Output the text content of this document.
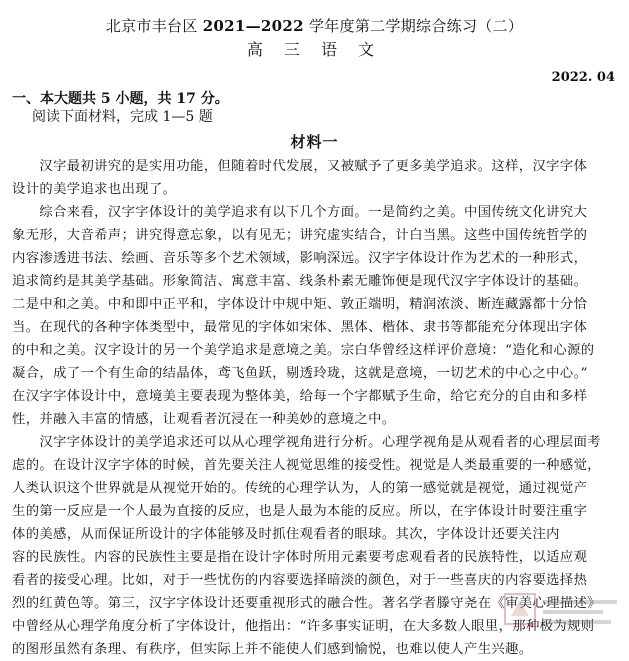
北京市丰台区 2021—2022 学年度第二学期综合练习（二）
高 三 语 文
2022. 04
一、本大题共 5 小题，共 17 分。
阅读下面材料，完成 1—5 题
材料一
　　汉字最初讲究的是实用功能，但随着时代发展，又被赋予了更多美学追求。这样，汉字字体
设计的美学追求也出现了。
　　综合来看，汉字字体设计的美学追求有以下几个方面。一是简约之美。中国传统文化讲究大
象无形，大音希声；讲究得意忘象，以有见无；讲究虚实结合，计白当黑。这些中国传统哲学的
内容渗透进书法、绘画、音乐等多个艺术领域，影响深远。汉字字体设计作为艺术的一种形式，
追求简约是其美学基础。形象简洁、寓意丰富、线条朴素无雕饰便是现代汉字字体设计的基础。
二是中和之美。中和即中正平和，字体设计中规中矩、敦正端明，精润浓淡、断连藏露都十分恰
当。在现代的各种字体类型中，最常见的字体如宋体、黑体、楷体、隶书等都能充分体现出字体
的中和之美。汉字设计的另一个美学追求是意境之美。宗白华曾经这样评价意境：“造化和心源的
凝合，成了一个有生命的结晶体，鸢飞鱼跃，剔透玲珑，这就是意境，一切艺术的中心之中心。”
在汉字字体设计中，意境美主要表现为整体美，给每一个字都赋予生命，给它充分的自由和多样
性，并融入丰富的情感，让观看者沉浸在一种美妙的意境之中。
　　汉字字体设计的美学追求还可以从心理学视角进行分析。心理学视角是从观看者的心理层面考
虑的。在设计汉字字体的时候，首先要关注人视觉思维的接受性。视觉是人类最重要的一种感觉，
人类认识这个世界就是从视觉开始的。传统的心理学认为，人的第一感觉就是视觉，通过视觉产
生的第一反应是一个人最为直接的反应，也是人最为本能的反应。所以，在字体设计时要注重字
体的美感，从而保证所设计的字体能够及时抓住观看者的眼球。其次，字体设计还要关注内
容的民族性。内容的民族性主要是指在设计字体时所用元素要考虑观看者的民族特性，以适应观
看者的接受心理。比如，对于一些忧伤的内容要选择暗淡的颜色，对于一些喜庆的内容要选择热
烈的红黄色等。第三，汉字字体设计还要重视形式的融合性。著名学者滕守尧在《审美心理描述》
中曾经从心理学角度分析了字体设计，他指出：“许多事实证明，在大多数人眼里，那种极为规则
的图形虽然有条理、有秩序，但实际上并不能使人们感到愉悦，也难以使人产生兴趣。
